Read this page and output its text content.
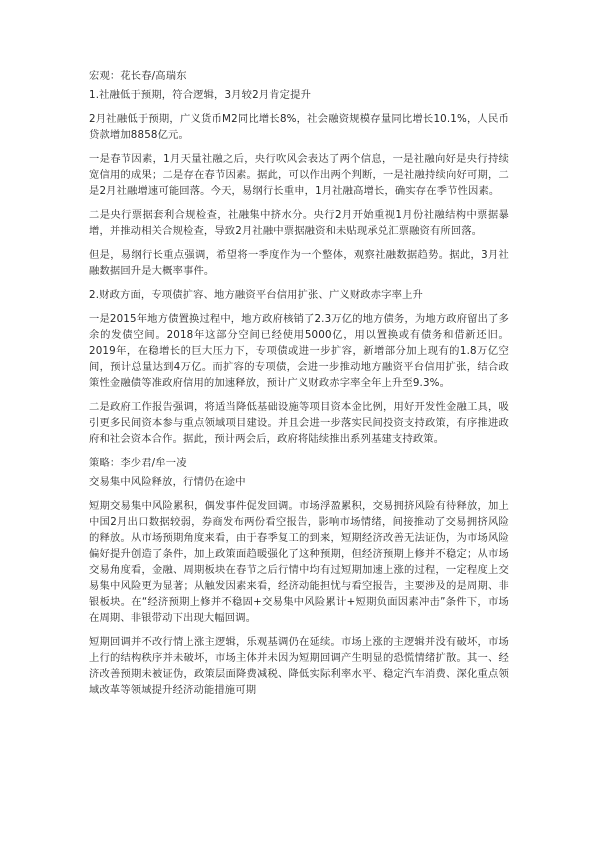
宏观：花长春/高瑞东

1.社融低于预期，符合逻辑，3月较2月肯定提升

2月社融低于预期，广义货币M2同比增长8%，社会融资规模存量同比增长10.1%，人民币贷款增加8858亿元。

一是春节因素，1月天量社融之后，央行吹风会表达了两个信息，一是社融向好是央行持续宽信用的成果；二是存在春节因素。据此，可以作出两个判断，一是社融持续向好可期，二是2月社融增速可能回落。今天，易纲行长重申，1月社融高增长，确实存在季节性因素。

二是央行票据套利合规检查，社融集中挤水分。央行2月开始重视1月份社融结构中票据暴增，并推动相关合规检查，导致2月社融中票据融资和未贴现承兑汇票融资有所回落。

但是，易纲行长重点强调，希望将一季度作为一个整体，观察社融数据趋势。据此，3月社融数据回升是大概率事件。

2.财政方面，专项债扩容、地方融资平台信用扩张、广义财政赤字率上升

一是2015年地方债置换过程中，地方政府核销了2.3万亿的地方债务，为地方政府留出了多余的发债空间。2018年这部分空间已经使用5000亿，用以置换或有债务和借新还旧。2019年，在稳增长的巨大压力下，专项债或进一步扩容，新增部分加上现有的1.8万亿空间，预计总量达到4万亿。而扩容的专项债，会进一步推动地方融资平台信用扩张，结合政策性金融债等准政府信用的加速释放，预计广义财政赤字率全年上升至9.3%。

二是政府工作报告强调，将适当降低基础设施等项目资本金比例，用好开发性金融工具，吸引更多民间资本参与重点领域项目建设。并且会进一步落实民间投资支持政策，有序推进政府和社会资本合作。据此，预计两会后，政府将陆续推出系列基建支持政策。

策略：李少君/牟一凌

交易集中风险释放，行情仍在途中

短期交易集中风险累积，偶发事件促发回调。市场浮盈累积，交易拥挤风险有待释放，加上中国2月出口数据较弱，券商发布两份看空报告，影响市场情绪，间接推动了交易拥挤风险的释放。从市场预期角度来看，由于春季复工的到来，短期经济改善无法证伪，为市场风险偏好提升创造了条件，加上政策面趋暖强化了这种预期，但经济预期上修并不稳定；从市场交易角度看，金融、周期板块在春节之后行情中均有过短期加速上涨的过程，一定程度上交易集中风险更为显著；从触发因素来看，经济动能担忧与看空报告，主要涉及的是周期、非银板块。在“经济预期上修并不稳固+交易集中风险累计+短期负面因素冲击”条件下，市场在周期、非银带动下出现大幅回调。

短期回调并不改行情上涨主逻辑，乐观基调仍在延续。市场上涨的主逻辑并没有破坏，市场上行的结构秩序并未破坏，市场主体并未因为短期回调产生明显的恐慌情绪扩散。其一、经济改善预期未被证伪，政策层面降费减税、降低实际利率水平、稳定汽车消费、深化重点领域改革等领域提升经济动能措施可期
